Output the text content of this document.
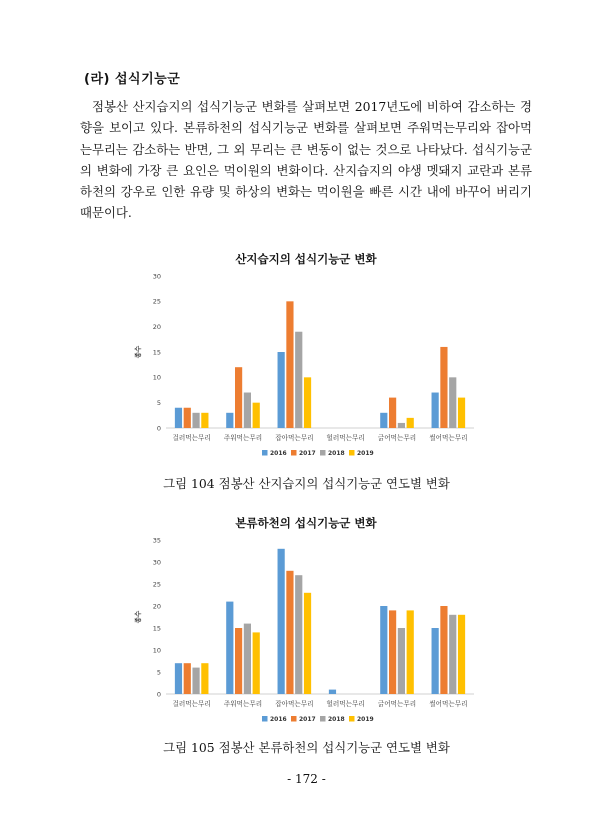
(라) 섭식기능군
점봉산 산지습지의 섭식기능군 변화를 살펴보면 2017년도에 비하여 감소하는 경향을 보이고 있다. 본류하천의 섭식기능군 변화를 살펴보면 주워먹는무리와 잡아먹는무리는 감소하는 반면, 그 외 무리는 큰 변동이 없는 것으로 나타났다. 섭식기능군의 변화에 가장 큰 요인은 먹이원의 변화이다. 산지습지의 야생 멧돼지 교란과 본류하천의 강우로 인한 유량 및 하상의 변화는 먹이원을 빠른 시간 내에 바꾸어 버리기 때문이다.
산지습지의 섭식기능군 변화
0
5
10
15
20
25
30
종수
걸러먹는무리 주워먹는무리 잡아먹는무리 헐러먹는무리 긁어먹는무리 썰어먹는무리
2016 2017 2018 2019
그림 104 점봉산 산지습지의 섭식기능군 연도별 변화
본류하천의 섭식기능군 변화
0
5
10
15
20
25
30
35
종수
걸러먹는무리 주워먹는무리 잡아먹는무리 헐러먹는무리 긁어먹는무리 썰어먹는무리
2016 2017 2018 2019
그림 105 점봉산 본류하천의 섭식기능군 연도별 변화
- 172 -
